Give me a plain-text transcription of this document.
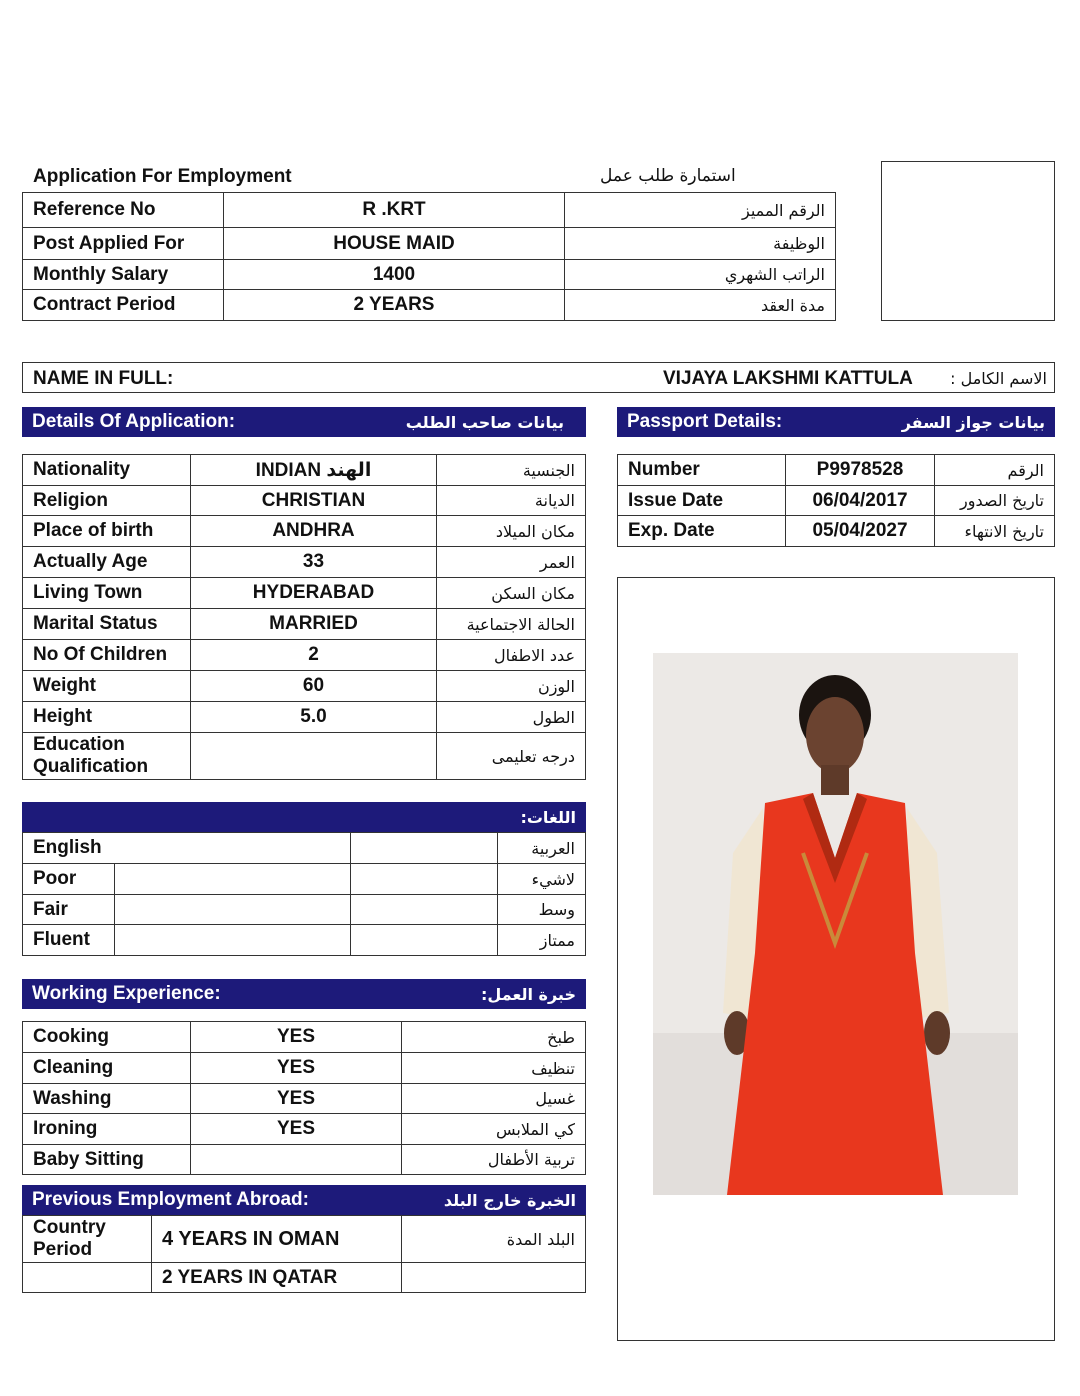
Application For Employment	استمارة طلب عمل
Reference No	R .KRT	الرقم المميز
Post Applied For	HOUSE MAID	الوظيفة
Monthly Salary	1400	الراتب الشهري
Contract Period	2 YEARS	مدة العقد
NAME IN FULL:	VIJAYA LAKSHMI KATTULA	الاسم الكامل :
Details Of Application:	بيانات صاحب الطلب	Passport Details:	بيانات جواز السفر
Nationality	INDIAN الهند	الجنسية
Religion	CHRISTIAN	الديانة
Place of birth	ANDHRA	مكان الميلاد
Actually Age	33	العمر
Living Town	HYDERABAD	مكان السكن
Marital Status	MARRIED	الحالة الاجتماعية
No Of Children	2	عدد الاطفال
Weight	60	الوزن
Height	5.0	الطول
Education
Qualification		درجه تعليمى
Number	P9978528	الرقم
Issue Date	06/04/2017	تاريخ الصدور
Exp. Date	05/04/2027	تاريخ الانتهاء
اللغات:
English			العربية
Poor			لاشيء
Fair			وسط
Fluent			ممتاز
Working Experience:	خبرة العمل:
Cooking	YES	طبخ
Cleaning	YES	تنظيف
Washing	YES	غسيل
Ironing	YES	كي الملابس
Baby Sitting		تربية الأطفال
Previous Employment Abroad:	الخبرة خارج البلد
Country
Period	4 YEARS IN OMAN	البلد المدة
	2 YEARS IN QATAR	
